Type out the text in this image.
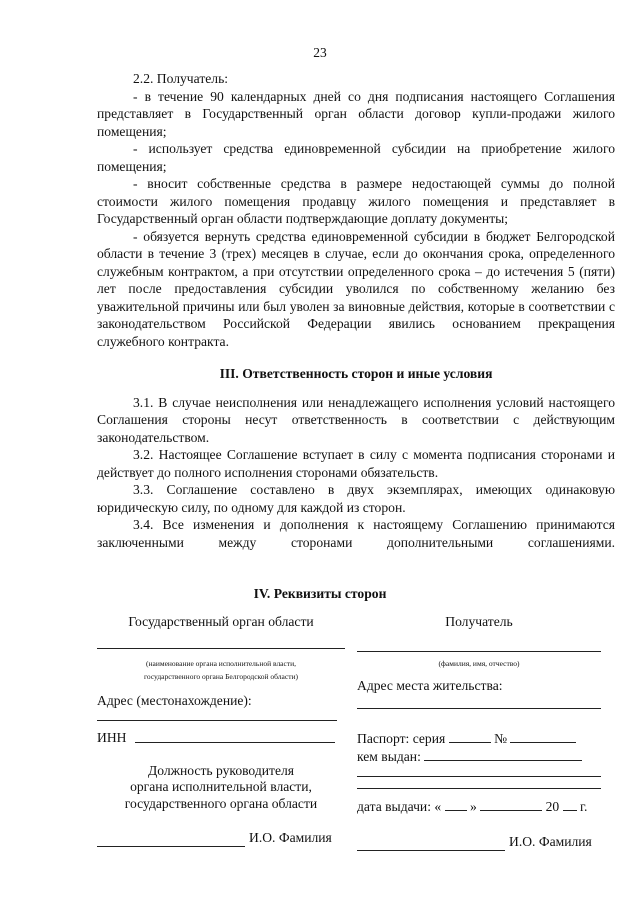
23

2.2. Получатель:

- в течение 90 календарных дней со дня подписания настоящего Соглашения представляет в Государственный орган области договор купли-продажи жилого помещения;

- использует средства единовременной субсидии на приобретение жилого помещения;

- вносит собственные средства в размере недостающей суммы до полной стоимости жилого помещения продавцу жилого помещения и представляет в Государственный орган области подтверждающие доплату документы;

- обязуется вернуть средства единовременной субсидии в бюджет Белгородской области в течение 3 (трех) месяцев в случае, если до окончания срока, определенного служебным контрактом, а при отсутствии определенного срока – до истечения 5 (пяти) лет после предоставления субсидии уволился по собственному желанию без уважительной причины или был уволен за виновные действия, которые в соответствии с законодательством Российской Федерации явились основанием прекращения служебного контракта.

III. Ответственность сторон и иные условия

3.1. В случае неисполнения или ненадлежащего исполнения условий настоящего Соглашения стороны несут ответственность в соответствии с действующим законодательством.

3.2. Настоящее Соглашение вступает в силу с момента подписания сторонами и действует до полного исполнения сторонами обязательств.

3.3. Соглашение составлено в двух экземплярах, имеющих одинаковую юридическую силу, по одному для каждой из сторон.

3.4. Все изменения и дополнения к настоящему Соглашению принимаются заключенными между сторонами дополнительными соглашениями.

IV. Реквизиты сторон
Государственный орган области
(наименование органа исполнительной власти,
государственного органа Белгородской области)
Адрес (местонахождение):
ИНН
Должность руководителя
органа исполнительной власти,
государственного органа области
И.О. Фамилия
Получатель
(фамилия, имя, отчество)
Адрес места жительства:
Паспорт: серия	№
кем выдан:
дата выдачи: « »	20 г.
И.О. Фамилия
